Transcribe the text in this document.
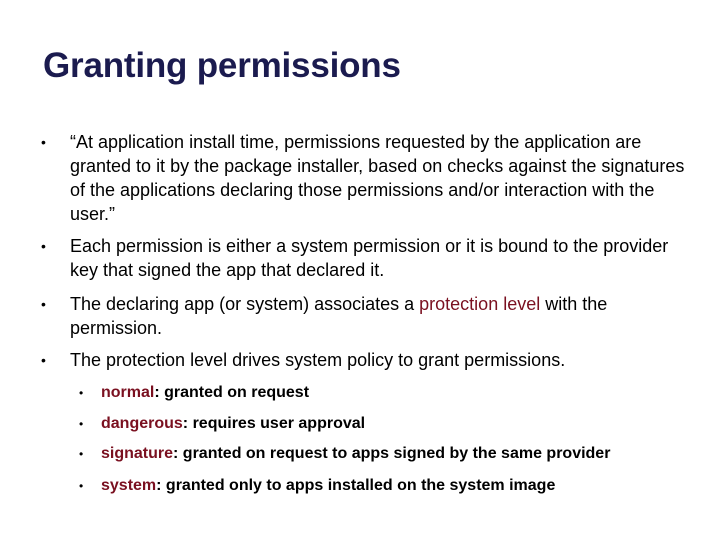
Granting permissions
•	“At application install time, permissions requested by the application are granted to it by the package installer, based on checks against the signatures of the applications declaring those permissions and/or interaction with the user.”
•	Each permission is either a system permission or it is bound to the provider key that signed the app that declared it.
•	The declaring app (or system) associates a protection level with the permission.
•	The protection level drives system policy to grant permissions.
•	normal: granted on request
•	dangerous: requires user approval
•	signature: granted on request to apps signed by the same provider
•	system: granted only to apps installed on the system image
